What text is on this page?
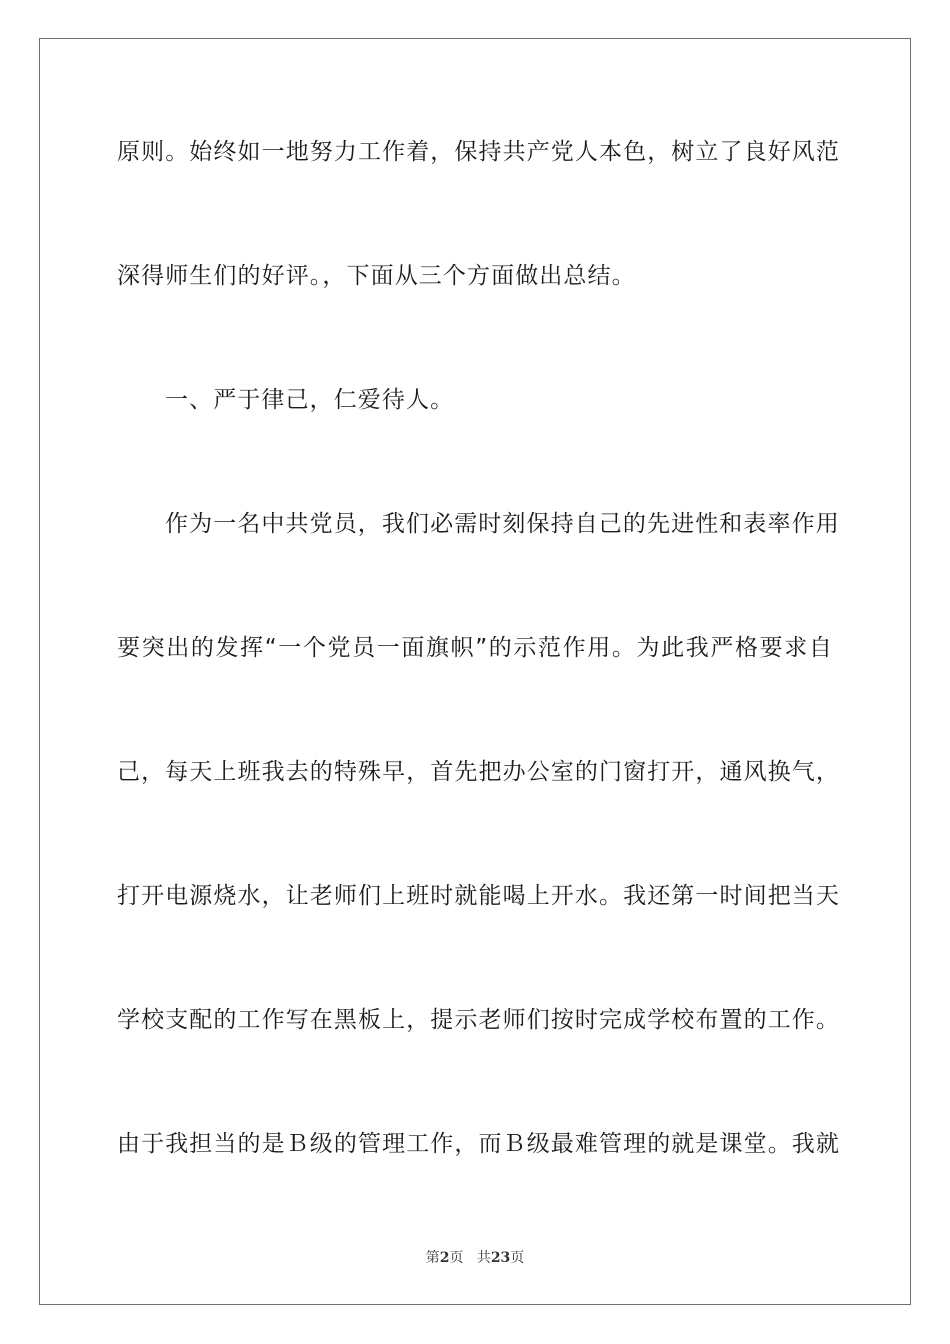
原则。始终如一地努力工作着，保持共产党人本色，树立了良好风范
深得师生们的好评。，下面从三个方面做出总结。
一、严于律己，仁爱待人。
作为一名中共党员，我们必需时刻保持自己的先进性和表率作用
要突出的发挥“一个党员一面旗帜”的示范作用。为此我严格要求自
己，每天上班我去的特殊早，首先把办公室的门窗打开，通风换气，
打开电源烧水，让老师们上班时就能喝上开水。我还第一时间把当天
学校支配的工作写在黑板上，提示老师们按时完成学校布置的工作。
由于我担当的是Ｂ级的管理工作，而Ｂ级最难管理的就是课堂。我就
第2页 共23页
